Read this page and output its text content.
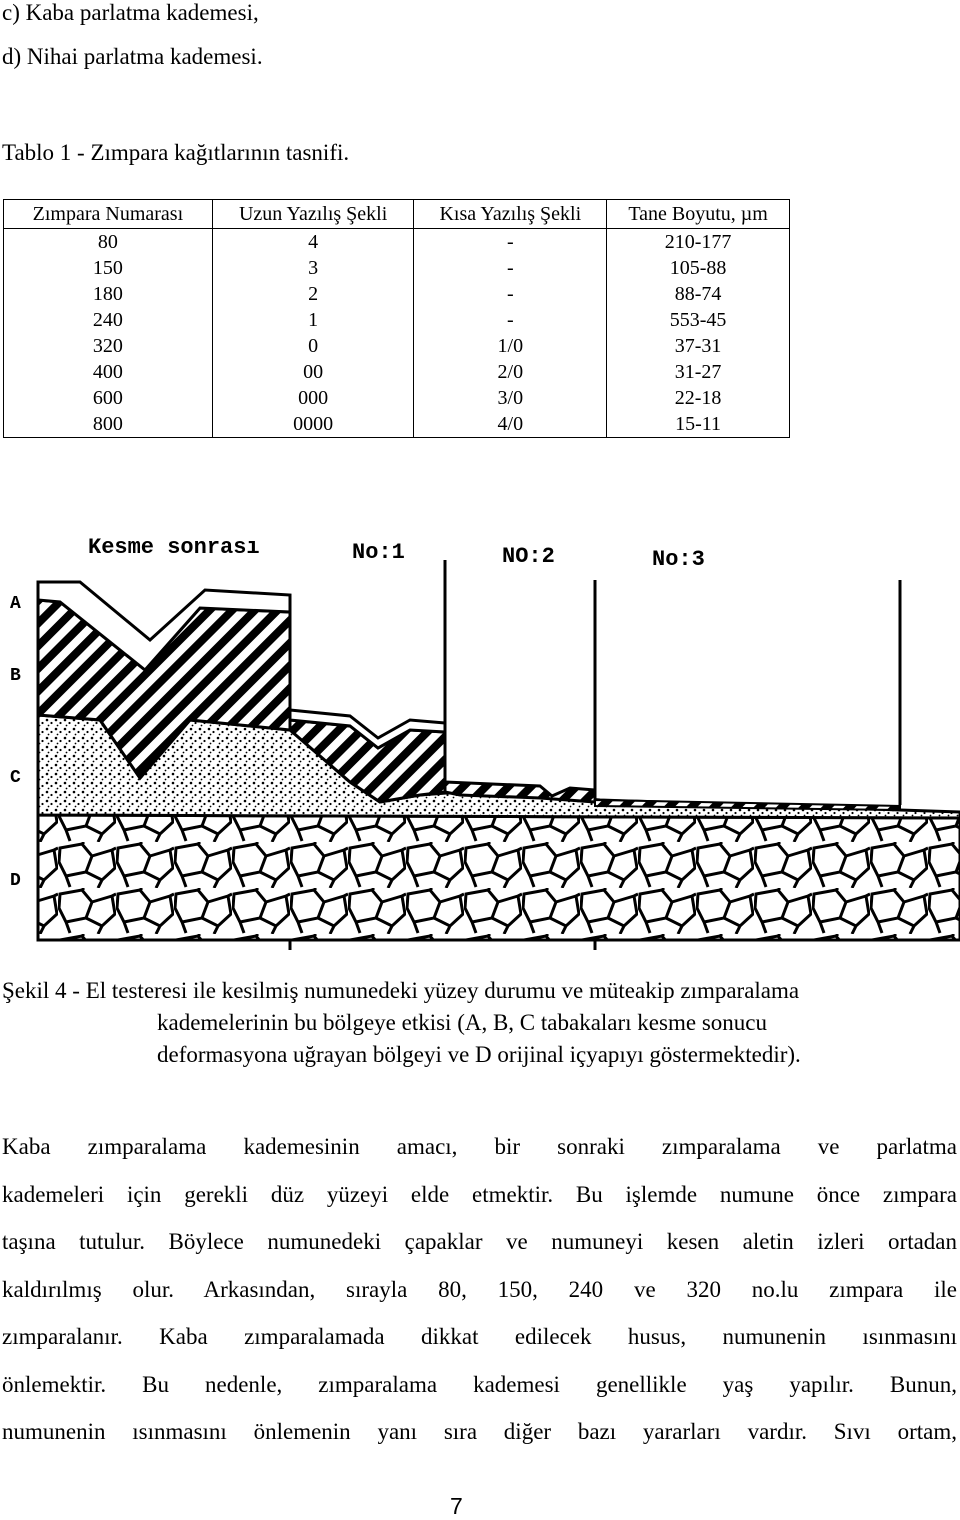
c) Kaba parlatma kademesi,
d) Nihai parlatma kademesi.
Tablo 1 - Zımpara kağıtlarının tasnifi.
Zımpara Numarası	Uzun Yazılış Şekli	Kısa Yazılış Şekli	Tane Boyutu, µm
80	4	-	210-177
150	3	-	105-88
180	2	-	88-74
240	1	-	553-45
320	0	1/0	37-31
400	00	2/0	31-27
600	000	3/0	22-18
800	0000	4/0	15-11
Kesme sonrası	No:1	NO:2	No:3
A
B
C
D

Şekil 4 - El testeresi ile kesilmiş numunedeki yüzey durumu ve müteakip zımparalama

kademelerinin bu bölgeye etkisi (A, B, C tabakaları kesme sonucu

deformasyona uğrayan bölgeyi ve D orijinal içyapıyı göstermektedir).

Kaba zımparalama kademesinin amacı, bir sonraki zımparalama ve parlatma

kademeleri için gerekli düz yüzeyi elde etmektir. Bu işlemde numune önce zımpara

taşına tutulur. Böylece numunedeki çapaklar ve numuneyi kesen aletin izleri ortadan

kaldırılmış olur. Arkasından, sırayla 80, 150, 240 ve 320 no.lu zımpara ile

zımparalanır. Kaba zımparalamada dikkat edilecek husus, numunenin ısınmasını

önlemektir. Bu nedenle, zımparalama kademesi genellikle yaş yapılır. Bunun,

numunenin ısınmasını önlemenin yanı sıra diğer bazı yararları vardır. Sıvı ortam,

7
